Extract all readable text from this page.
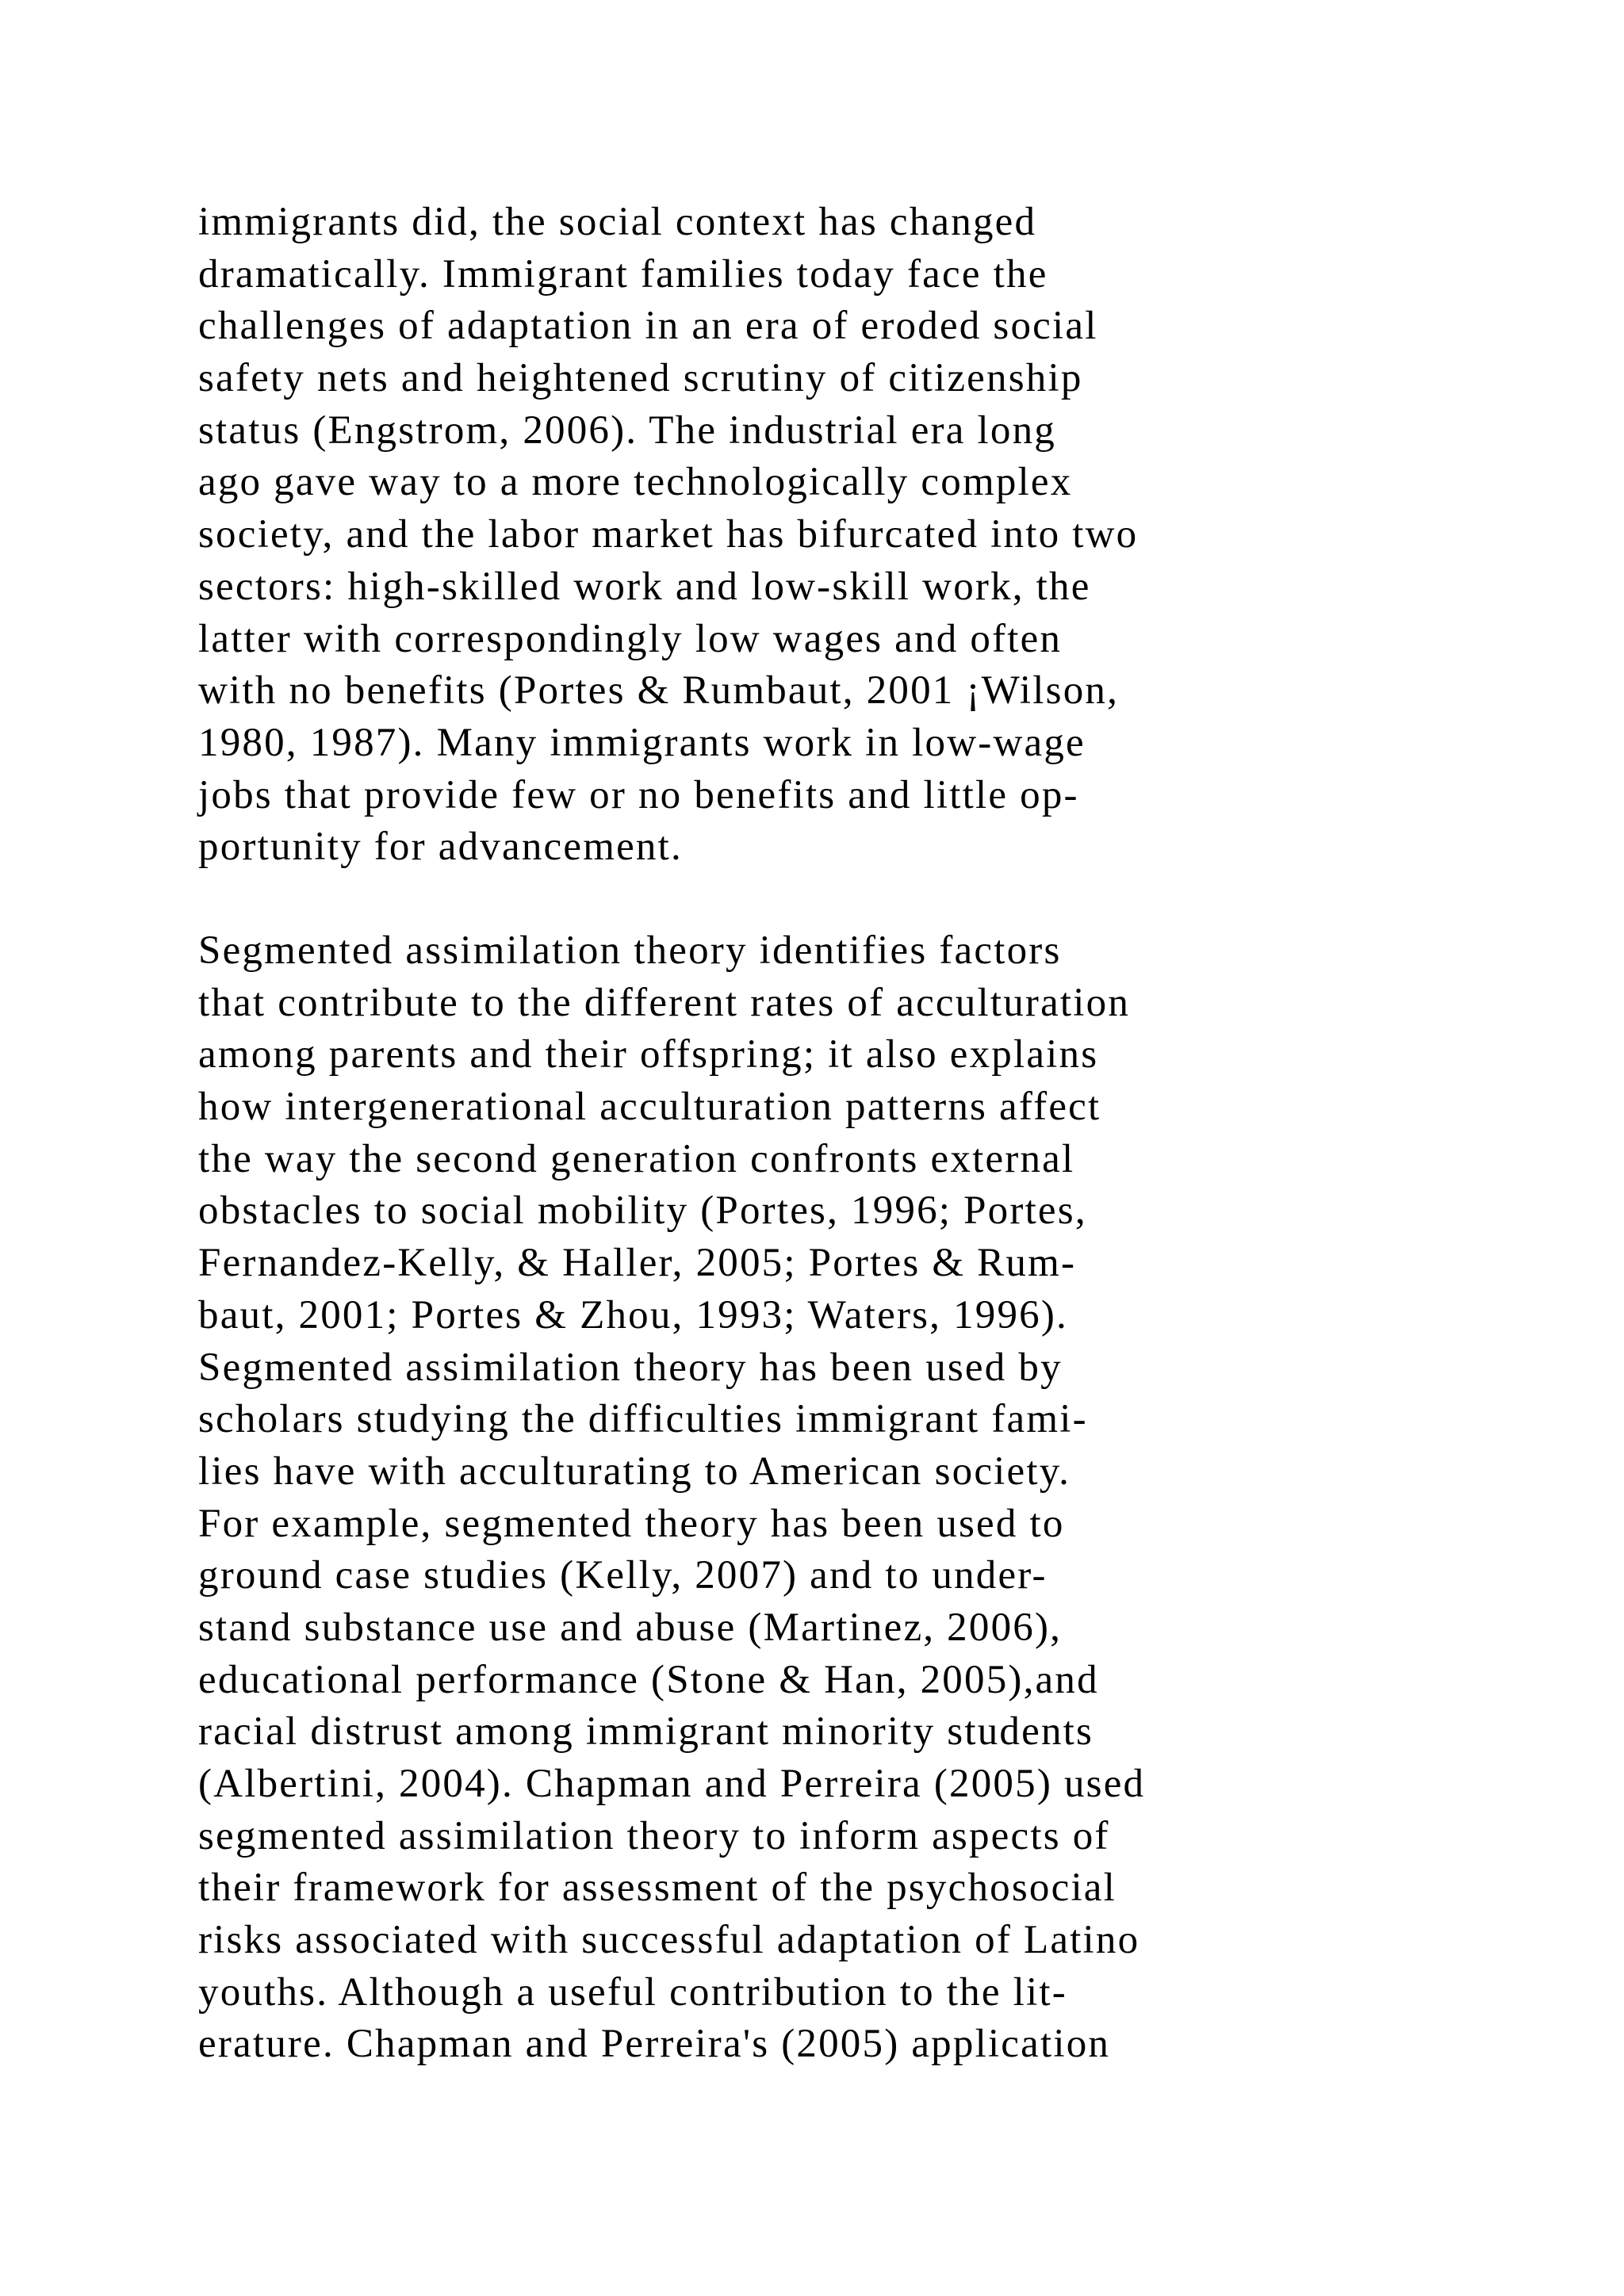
immigrants did, the social context has changed
dramatically. Immigrant families today face the
challenges of adaptation in an era of eroded social
safety nets and heightened scrutiny of citizenship
status (Engstrom, 2006). The industrial era long
ago gave way to a more technologically complex
society, and the labor market has bifurcated into two
sectors: high-skilled work and low-skill work, the
latter with correspondingly low wages and often
with no benefits (Portes & Rumbaut, 2001 ¡Wilson,
1980, 1987). Many immigrants work in low-wage
jobs that provide few or no benefits and little op-
portunity for advancement.
Segmented assimilation theory identifies factors
that contribute to the different rates of acculturation
among parents and their offspring; it also explains
how intergenerational acculturation patterns affect
the way the second generation confronts external
obstacles to social mobility (Portes, 1996; Portes,
Fernandez-Kelly, & Haller, 2005; Portes & Rum-
baut, 2001; Portes & Zhou, 1993; Waters, 1996).
Segmented assimilation theory has been used by
scholars studying the difficulties immigrant fami-
lies have with acculturating to American society.
For example, segmented theory has been used to
ground case studies (Kelly, 2007) and to under-
stand substance use and abuse (Martinez, 2006),
educational performance (Stone & Han, 2005),and
racial distrust among immigrant minority students
(Albertini, 2004). Chapman and Perreira (2005) used
segmented assimilation theory to inform aspects of
their framework for assessment of the psychosocial
risks associated with successful adaptation of Latino
youths. Although a useful contribution to the lit-
erature. Chapman and Perreira's (2005) application
